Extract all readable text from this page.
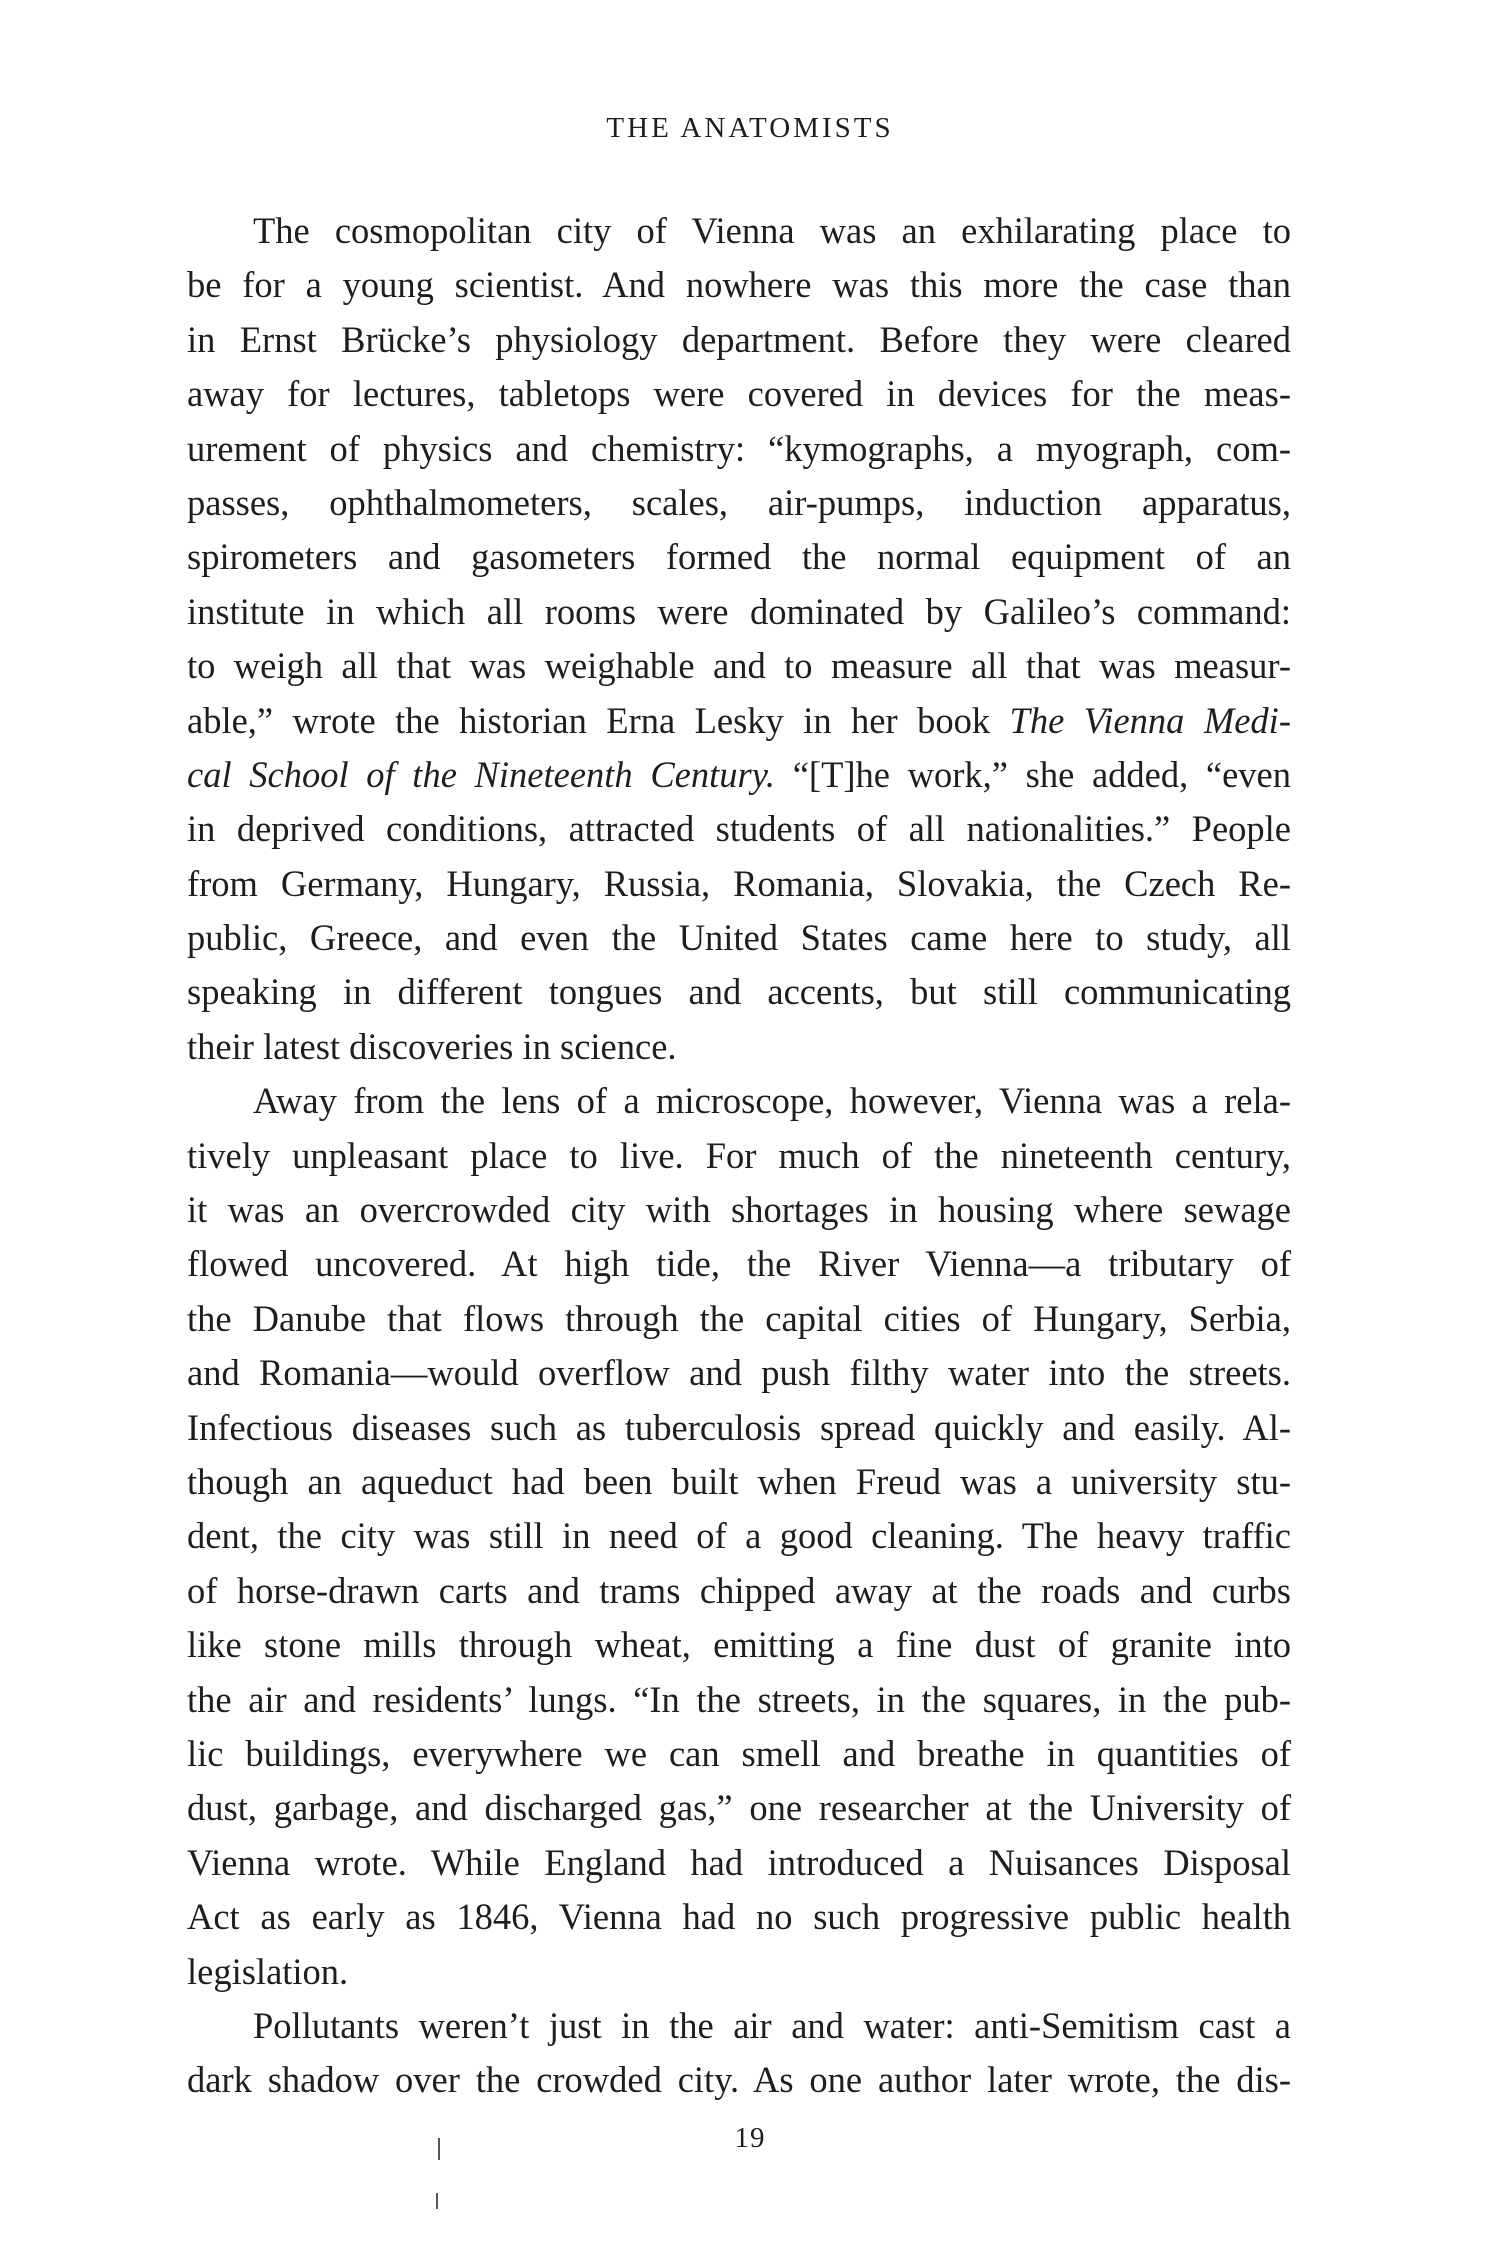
THE ANATOMISTS
The cosmopolitan city of Vienna was an exhilarating place to
be for a young scientist. And nowhere was this more the case than
in Ernst Brücke’s physiology department. Before they were cleared
away for lectures, tabletops were covered in devices for the meas-
urement of physics and chemistry: “kymographs, a myograph, com-
passes, ophthalmometers, scales, air-pumps, induction apparatus,
spirometers and gasometers formed the normal equipment of an
institute in which all rooms were dominated by Galileo’s command:
to weigh all that was weighable and to measure all that was measur-
able,” wrote the historian Erna Lesky in her book The Vienna Medi-
cal School of the Nineteenth Century. “[T]he work,” she added, “even
in deprived conditions, attracted students of all nationalities.” People
from Germany, Hungary, Russia, Romania, Slovakia, the Czech Re-
public, Greece, and even the United States came here to study, all
speaking in different tongues and accents, but still communicating
their latest discoveries in science.
Away from the lens of a microscope, however, Vienna was a rela-
tively unpleasant place to live. For much of the nineteenth century,
it was an overcrowded city with shortages in housing where sewage
flowed uncovered. At high tide, the River Vienna—a tributary of
the Danube that flows through the capital cities of Hungary, Serbia,
and Romania—would overflow and push filthy water into the streets.
Infectious diseases such as tuberculosis spread quickly and easily. Al-
though an aqueduct had been built when Freud was a university stu-
dent, the city was still in need of a good cleaning. The heavy traffic
of horse-drawn carts and trams chipped away at the roads and curbs
like stone mills through wheat, emitting a fine dust of granite into
the air and residents’ lungs. “In the streets, in the squares, in the pub-
lic buildings, everywhere we can smell and breathe in quantities of
dust, garbage, and discharged gas,” one researcher at the University of
Vienna wrote. While England had introduced a Nuisances Disposal
Act as early as 1846, Vienna had no such progressive public health
legislation.
Pollutants weren’t just in the air and water: anti-Semitism cast a
dark shadow over the crowded city. As one author later wrote, the dis-
19
